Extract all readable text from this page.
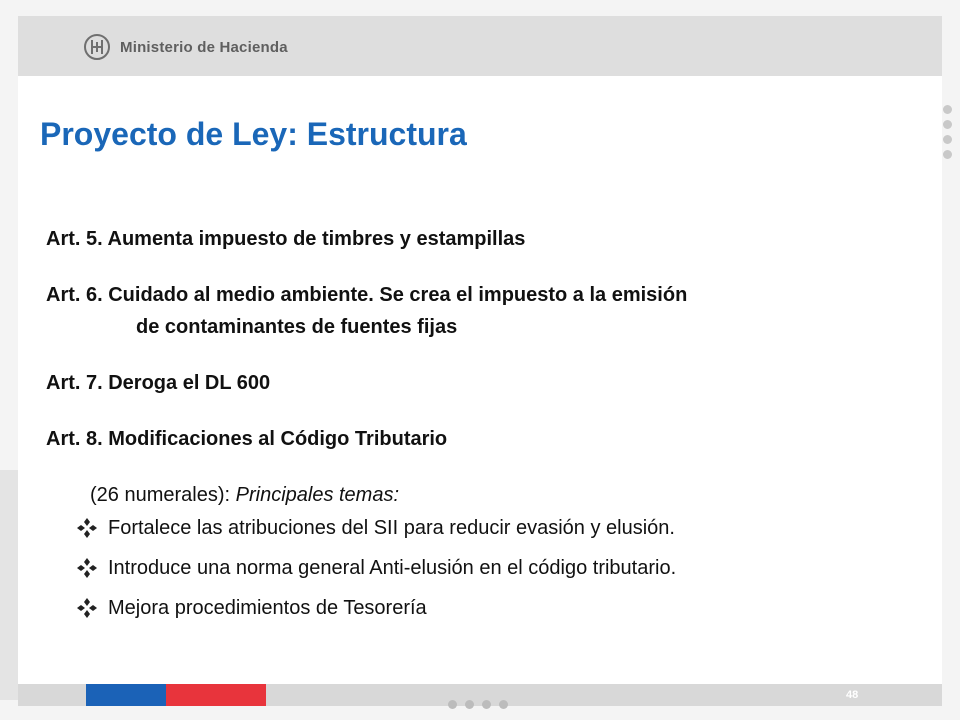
Ministerio de Hacienda
Proyecto de Ley: Estructura
Art. 5. Aumenta impuesto de timbres y estampillas
Art. 6. Cuidado al medio ambiente. Se crea el impuesto a la emisión
de contaminantes de fuentes fijas
Art. 7. Deroga el DL 600
Art. 8. Modificaciones al Código Tributario
(26 numerales): Principales temas:
Fortalece las atribuciones del SII para reducir evasión y elusión.
Introduce una norma general Anti-elusión en el código tributario.
Mejora procedimientos de Tesorería
48
